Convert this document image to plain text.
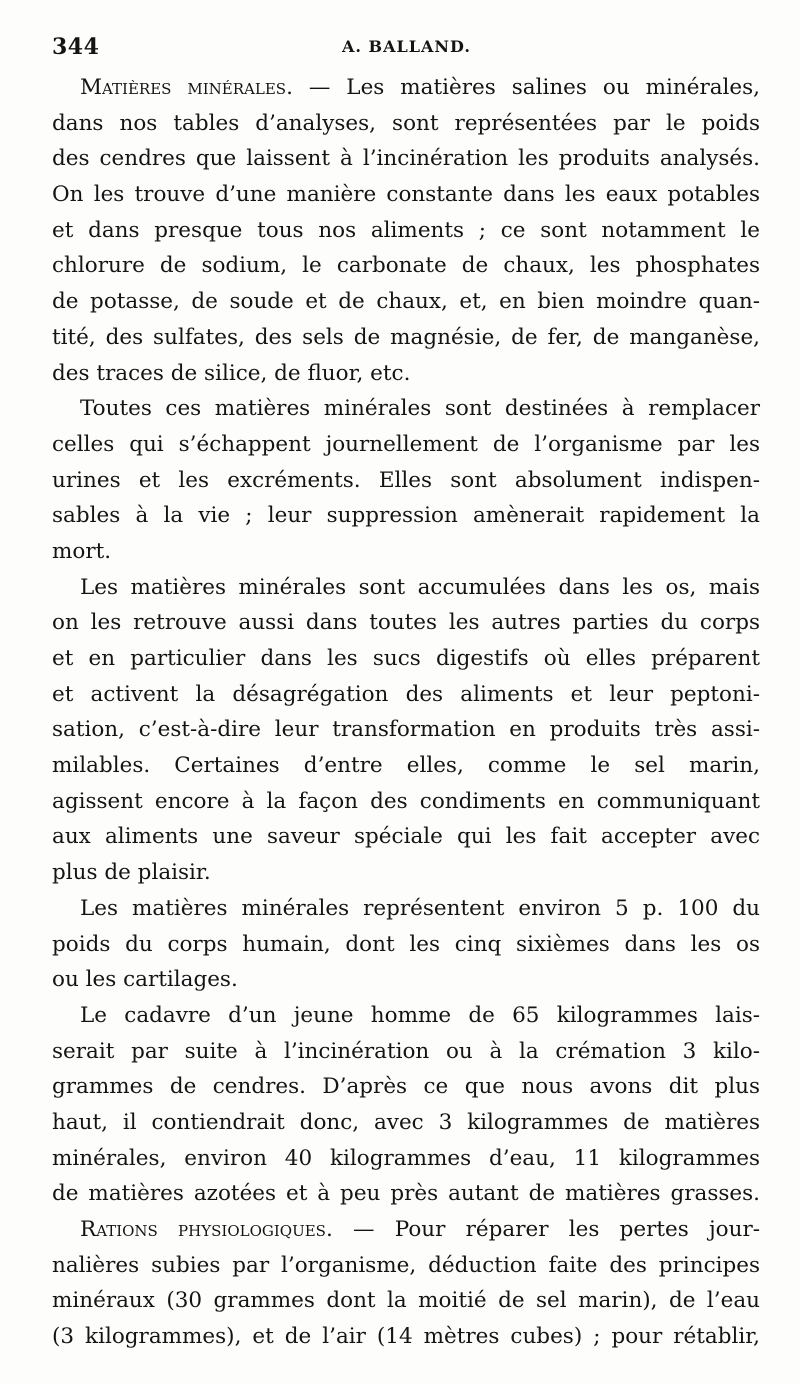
344	A. BALLAND.
Matières minérales. — Les matières salines ou minérales,
dans nos tables d’analyses, sont représentées par le poids
des cendres que laissent à l’incinération les produits analysés.
On les trouve d’une manière constante dans les eaux potables
et dans presque tous nos aliments ; ce sont notamment le
chlorure de sodium, le carbonate de chaux, les phosphates
de potasse, de soude et de chaux, et, en bien moindre quan-
tité, des sulfates, des sels de magnésie, de fer, de manganèse,
des traces de silice, de fluor, etc.
Toutes ces matières minérales sont destinées à remplacer
celles qui s’échappent journellement de l’organisme par les
urines et les excréments. Elles sont absolument indispen-
sables à la vie ; leur suppression amènerait rapidement la
mort.
Les matières minérales sont accumulées dans les os, mais
on les retrouve aussi dans toutes les autres parties du corps
et en particulier dans les sucs digestifs où elles préparent
et activent la désagrégation des aliments et leur peptoni-
sation, c’est-à-dire leur transformation en produits très assi-
milables. Certaines d’entre elles, comme le sel marin,
agissent encore à la façon des condiments en communiquant
aux aliments une saveur spéciale qui les fait accepter avec
plus de plaisir.
Les matières minérales représentent environ 5 p. 100 du
poids du corps humain, dont les cinq sixièmes dans les os
ou les cartilages.
Le cadavre d’un jeune homme de 65 kilogrammes lais-
serait par suite à l’incinération ou à la crémation 3 kilo-
grammes de cendres. D’après ce que nous avons dit plus
haut, il contiendrait donc, avec 3 kilogrammes de matières
minérales, environ 40 kilogrammes d’eau, 11 kilogrammes
de matières azotées et à peu près autant de matières grasses.
Rations physiologiques. — Pour réparer les pertes jour-
nalières subies par l’organisme, déduction faite des principes
minéraux (30 grammes dont la moitié de sel marin), de l’eau
(3 kilogrammes), et de l’air (14 mètres cubes) ; pour rétablir,
